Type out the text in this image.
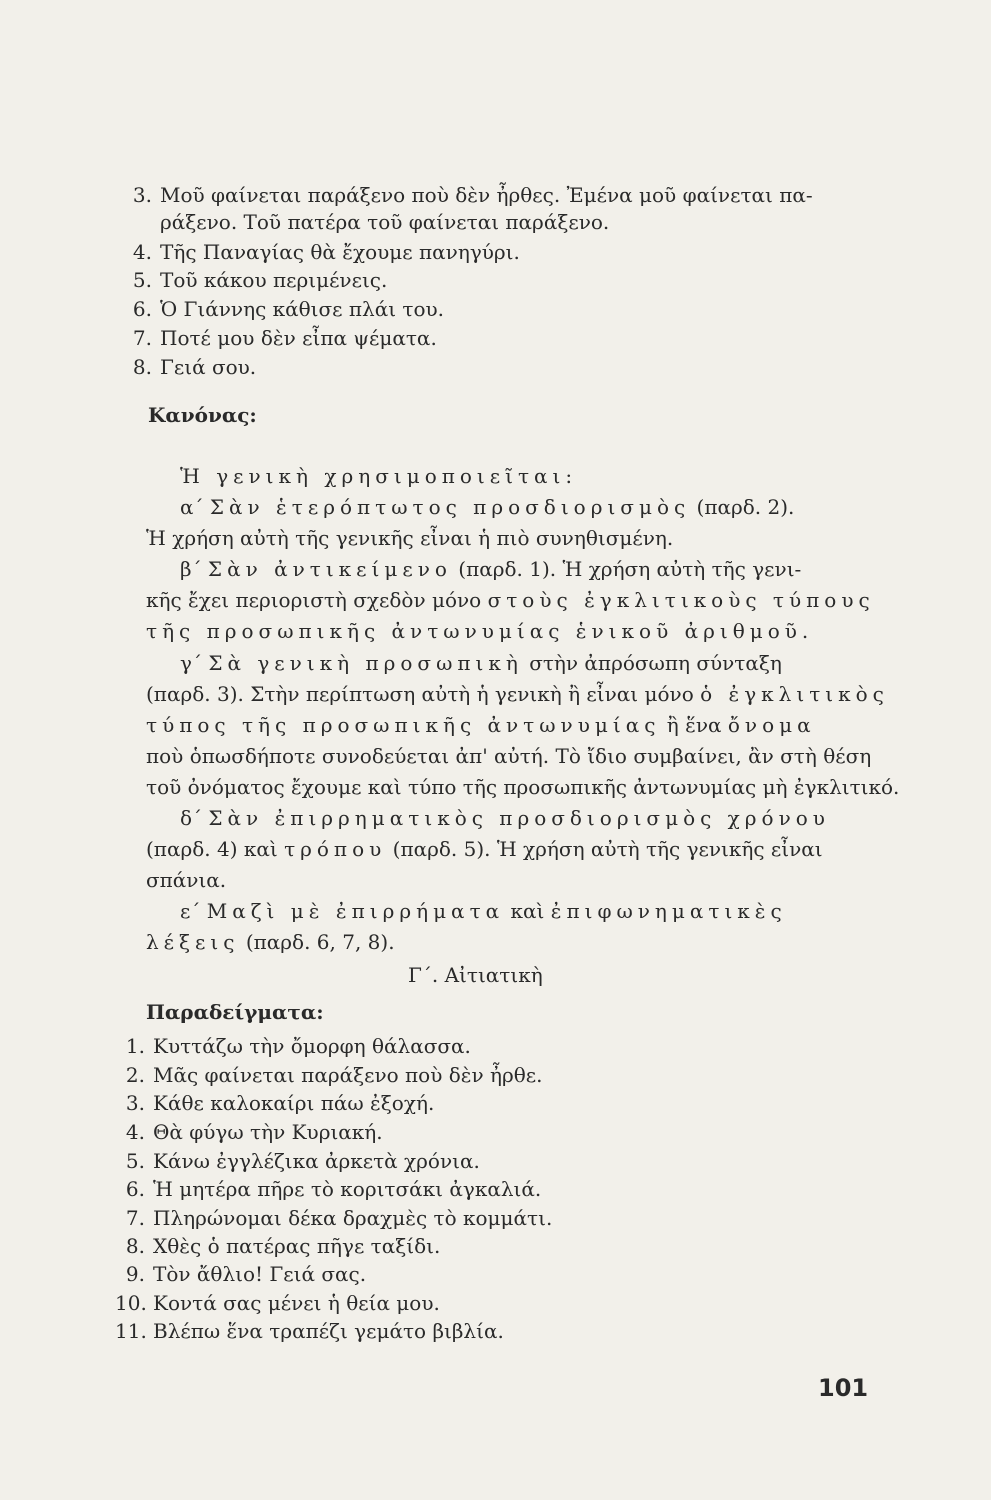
3. Μοῦ φαίνεται παράξενο ποὺ δὲν ἦρθες. Ἐμένα μοῦ φαίνεται πα-
ράξενο. Τοῦ πατέρα τοῦ φαίνεται παράξενο.
4. Τῆς Παναγίας θὰ ἔχουμε πανηγύρι.
5. Τοῦ κάκου περιμένεις.
6. Ὁ Γιάννης κάθισε πλάι του.
7. Ποτέ μου δὲν εἶπα ψέματα.
8. Γειά σου.
Κανόνας:
Ἡ γενικὴ χρησιμοποιεῖται:
α΄ Σὰν ἑτερόπτωτος προσδιορισμὸς (παρδ. 2).
Ἡ χρήση αὐτὴ τῆς γενικῆς εἶναι ἡ πιὸ συνηθισμένη.
β΄ Σὰν ἀντικείμενο (παρδ. 1). Ἡ χρήση αὐτὴ τῆς γενι-
κῆς ἔχει περιοριστὴ σχεδὸν μόνο στοὺς ἐγκλιτικοὺς τύπους
τῆς προσωπικῆς ἀντωνυμίας ἑνικοῦ ἀριθμοῦ.
γ΄ Σὰ γενικὴ προσωπικὴ στὴν ἀπρόσωπη σύνταξη
(παρδ. 3). Στὴν περίπτωση αὐτὴ ἡ γενικὴ ἢ εἶναι μόνο ὁ ἐγκλιτικὸς
τύπος τῆς προσωπικῆς ἀντωνυμίας ἢ ἕνα ὄνομα
ποὺ ὁπωσδήποτε συνοδεύεται ἀπ' αὐτή. Τὸ ἴδιο συμβαίνει, ἂν στὴ θέση
τοῦ ὀνόματος ἔχουμε καὶ τύπο τῆς προσωπικῆς ἀντωνυμίας μὴ ἐγκλιτικό.
δ΄ Σὰν ἐπιρρηματικὸς προσδιορισμὸς χρόνου
(παρδ. 4) καὶ τρόπου (παρδ. 5). Ἡ χρήση αὐτὴ τῆς γενικῆς εἶναι
σπάνια.
ε΄ Μαζὶ μὲ ἐπιρρήματα καὶ ἐπιφωνηματικὲς
λέξεις (παρδ. 6, 7, 8).
Γ΄. Αἰτιατικὴ
Παραδείγματα:
1. Κυττάζω τὴν ὄμορφη θάλασσα.
2. Μᾶς φαίνεται παράξενο ποὺ δὲν ἦρθε.
3. Κάθε καλοκαίρι πάω ἐξοχή.
4. Θὰ φύγω τὴν Κυριακή.
5. Κάνω ἐγγλέζικα ἀρκετὰ χρόνια.
6. Ἡ μητέρα πῆρε τὸ κοριτσάκι ἀγκαλιά.
7. Πληρώνομαι δέκα δραχμὲς τὸ κομμάτι.
8. Χθὲς ὁ πατέρας πῆγε ταξίδι.
9. Τὸν ἄθλιο! Γειά σας.
10. Κοντά σας μένει ἡ θεία μου.
11. Βλέπω ἕνα τραπέζι γεμάτο βιβλία.
101
